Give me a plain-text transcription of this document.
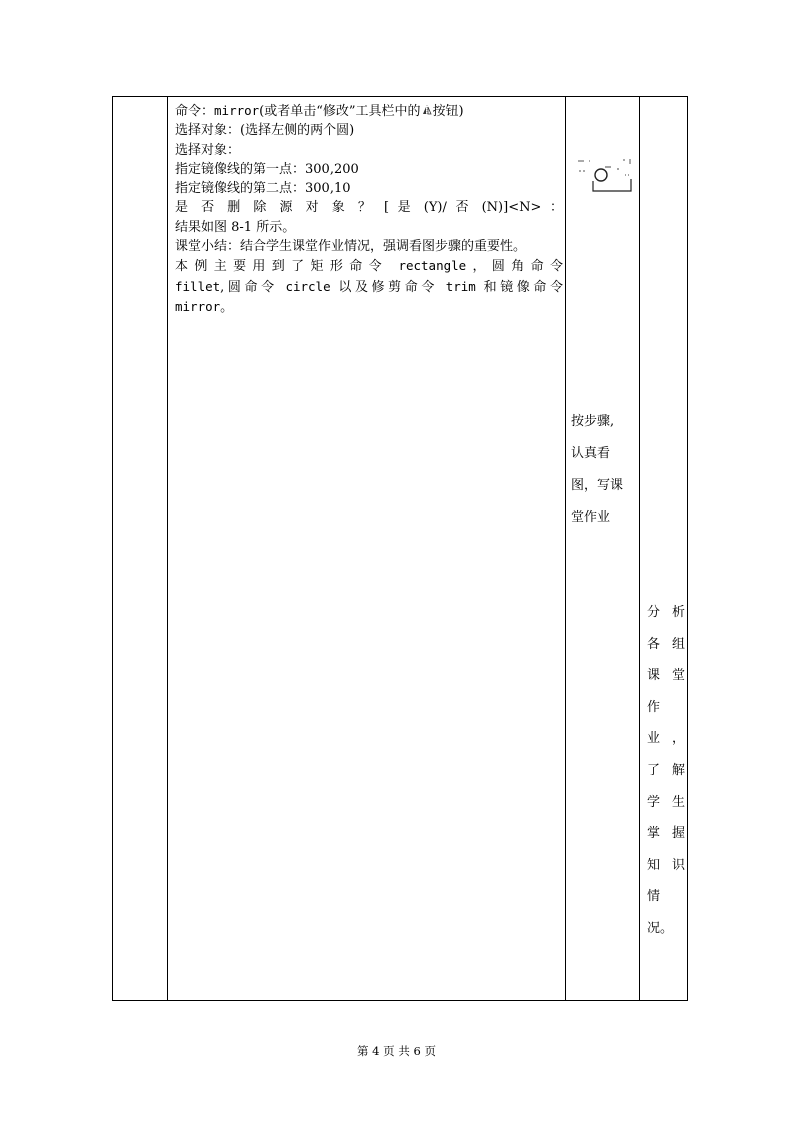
命令：mirror(或者单击“修改”工具栏中的 按钮)

选择对象：(选择左侧的两个圆)

选择对象：

指定镜像线的第一点：300,200

指定镜像线的第二点：300,10

是 否 删 除 源 对 象 ？ [ 是 (Y)/ 否 (N)]<N> ：

结果如图 8-1 所示。

课堂小结：结合学生课堂作业情况，强调看图步骤的重要性。

本例主要用到了矩形命令 rectangle，圆角命令

fillet,圆命令 circle 以及修剪命令 trim 和镜像命令

mirror。

按步骤,
认真看
图，写课
堂作业
分 析
各 组
课 堂
作
业 ，
了 解
学 生
掌 握
知 识
情
况。
第 4 页 共 6 页
